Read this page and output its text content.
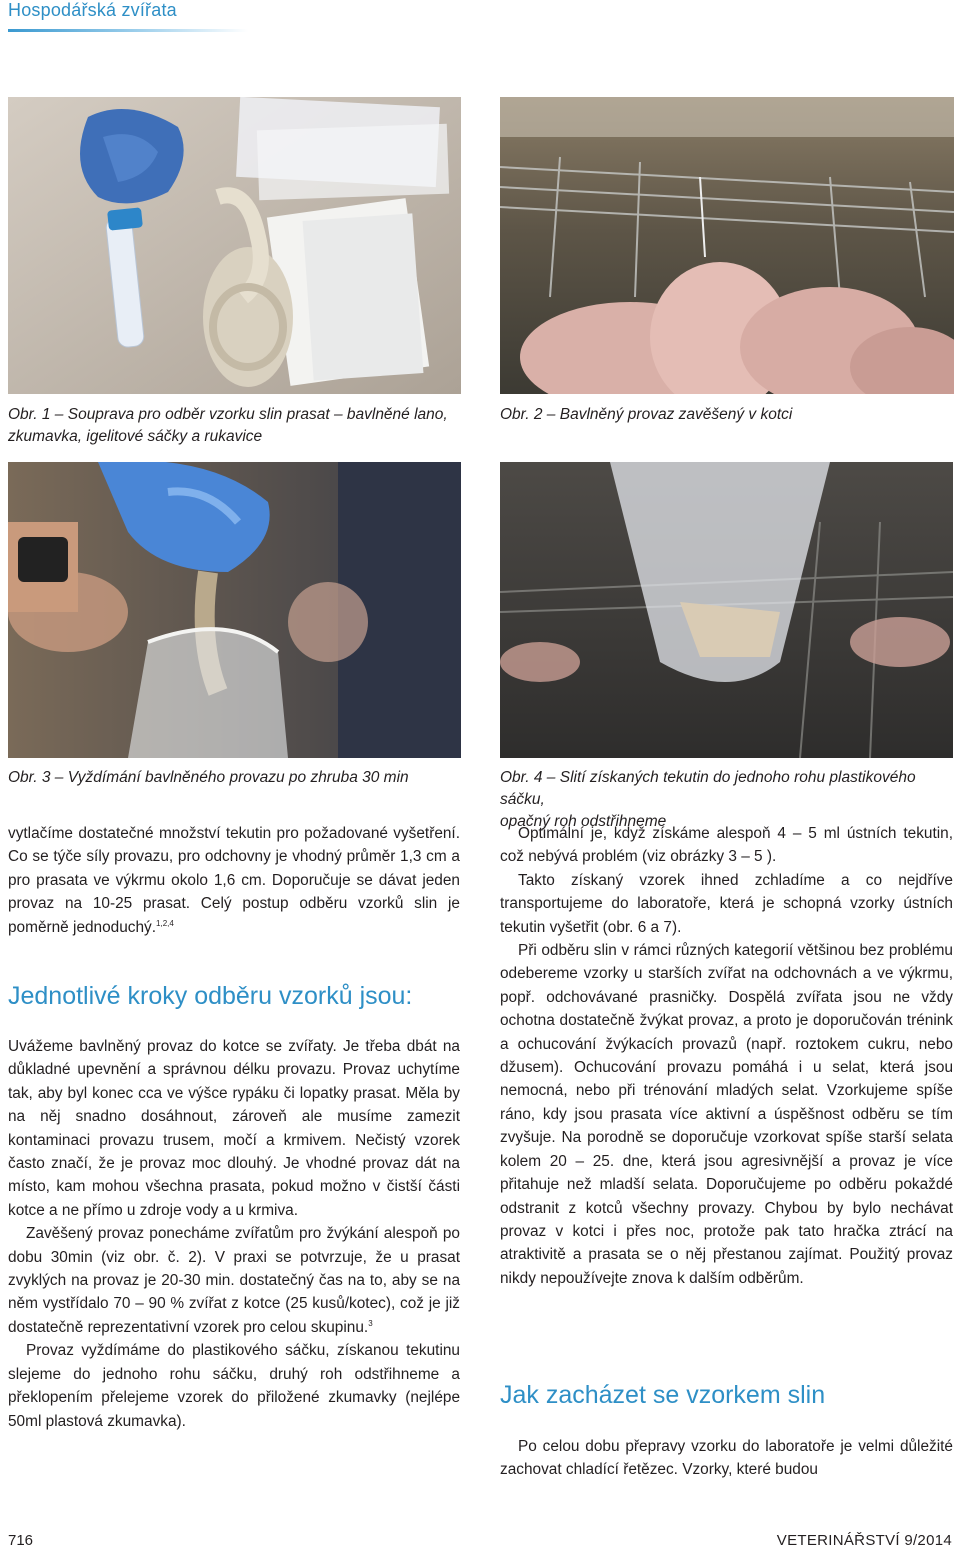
Hospodářská zvířata
Obr. 1 – Souprava pro odběr vzorku slin prasat – bavlněné lano,
zkumavka, igelitové sáčky a rukavice
Obr. 2 – Bavlněný provaz zavěšený v kotci
Obr. 3 – Vyždímání bavlněného provazu po zhruba 30 min	Obr. 4 – Slití získaných tekutin do jednoho rohu plastikového sáčku,
opačný roh odstřihneme

vytlačíme dostatečné množství tekutin pro požadované vyšetření. Co se týče síly provazu, pro odchovny je vhodný průměr 1,3 cm a pro prasata ve výkrmu okolo 1,6 cm. Doporučuje se dávat jeden provaz na 10-25 prasat. Celý postup odběru vzorků slin je poměrně jednoduchý.$^{1,2,4}$

Jednotlivé kroky odběru vzorků jsou:

Uvážeme bavlněný provaz do kotce se zvířaty. Je třeba dbát na důkladné upevnění a správnou délku provazu. Provaz uchytíme tak, aby byl konec cca ve výšce rypáku či lopatky prasat. Měla by na něj snadno dosáhnout, zároveň ale musíme zamezit kontaminaci provazu trusem, močí a krmivem. Nečistý vzorek často značí, že je provaz moc dlouhý. Je vhodné provaz dát na místo, kam mohou všechna prasata, pokud možno v čistší části kotce a ne přímo u zdroje vody a u krmiva.

Zavěšený provaz ponecháme zvířatům pro žvýkání alespoň po dobu 30min (viz obr. č. 2). V praxi se potvrzuje, že u prasat zvyklých na provaz je 20-30 min. dostatečný čas na to, aby se na něm vystřídalo 70 – 90 % zvířat z kotce (25 kusů/kotec), což je již dostatečně reprezentativní vzorek pro celou skupinu.$^3$

Provaz vyždímáme do plastikového sáčku, získanou tekutinu slejeme do jednoho rohu sáčku, druhý roh odstřihneme a překlopením přelejeme vzorek do přiložené zkumavky (nejlépe 50ml plastová zkumavka).

Optimální je, když získáme alespoň 4 – 5 ml ústních tekutin, což nebývá problém (viz obrázky 3 – 5 ).

Takto získaný vzorek ihned zchladíme a co nejdříve transportujeme do laboratoře, která je schopná vzorky ústních tekutin vyšetřit (obr. 6 a 7).

Při odběru slin v rámci různých kategorií většinou bez problému odebereme vzorky u starších zvířat na odchovnách a ve výkrmu, popř. odchovávané prasničky. Dospělá zvířata jsou ne vždy ochotna dostatečně žvýkat provaz, a proto je doporučován trénink a ochucování žvýkacích provazů (např. roztokem cukru, nebo džusem). Ochucování provazu pomáhá i u selat, která jsou nemocná, nebo při trénování mladých selat. Vzorkujeme spíše ráno, kdy jsou prasata více aktivní a úspěšnost odběru se tím zvyšuje. Na porodně se doporučuje vzorkovat spíše starší selata kolem 20 – 25. dne, která jsou agresivnější a provaz je více přitahuje než mladší selata. Doporučujeme po odběru pokaždé odstranit z kotců všechny provazy. Chybou by bylo nechávat provaz v kotci i přes noc, protože pak tato hračka ztrácí na atraktivitě a prasata se o něj přestanou zajímat. Použitý provaz nikdy nepoužívejte znova k dalším odběrům.

Jak zacházet se vzorkem slin

Po celou dobu přepravy vzorku do laboratoře je velmi důležité zachovat chladící řetězec. Vzorky, které budou

716	VETERINÁŘSTVÍ 9/2014
